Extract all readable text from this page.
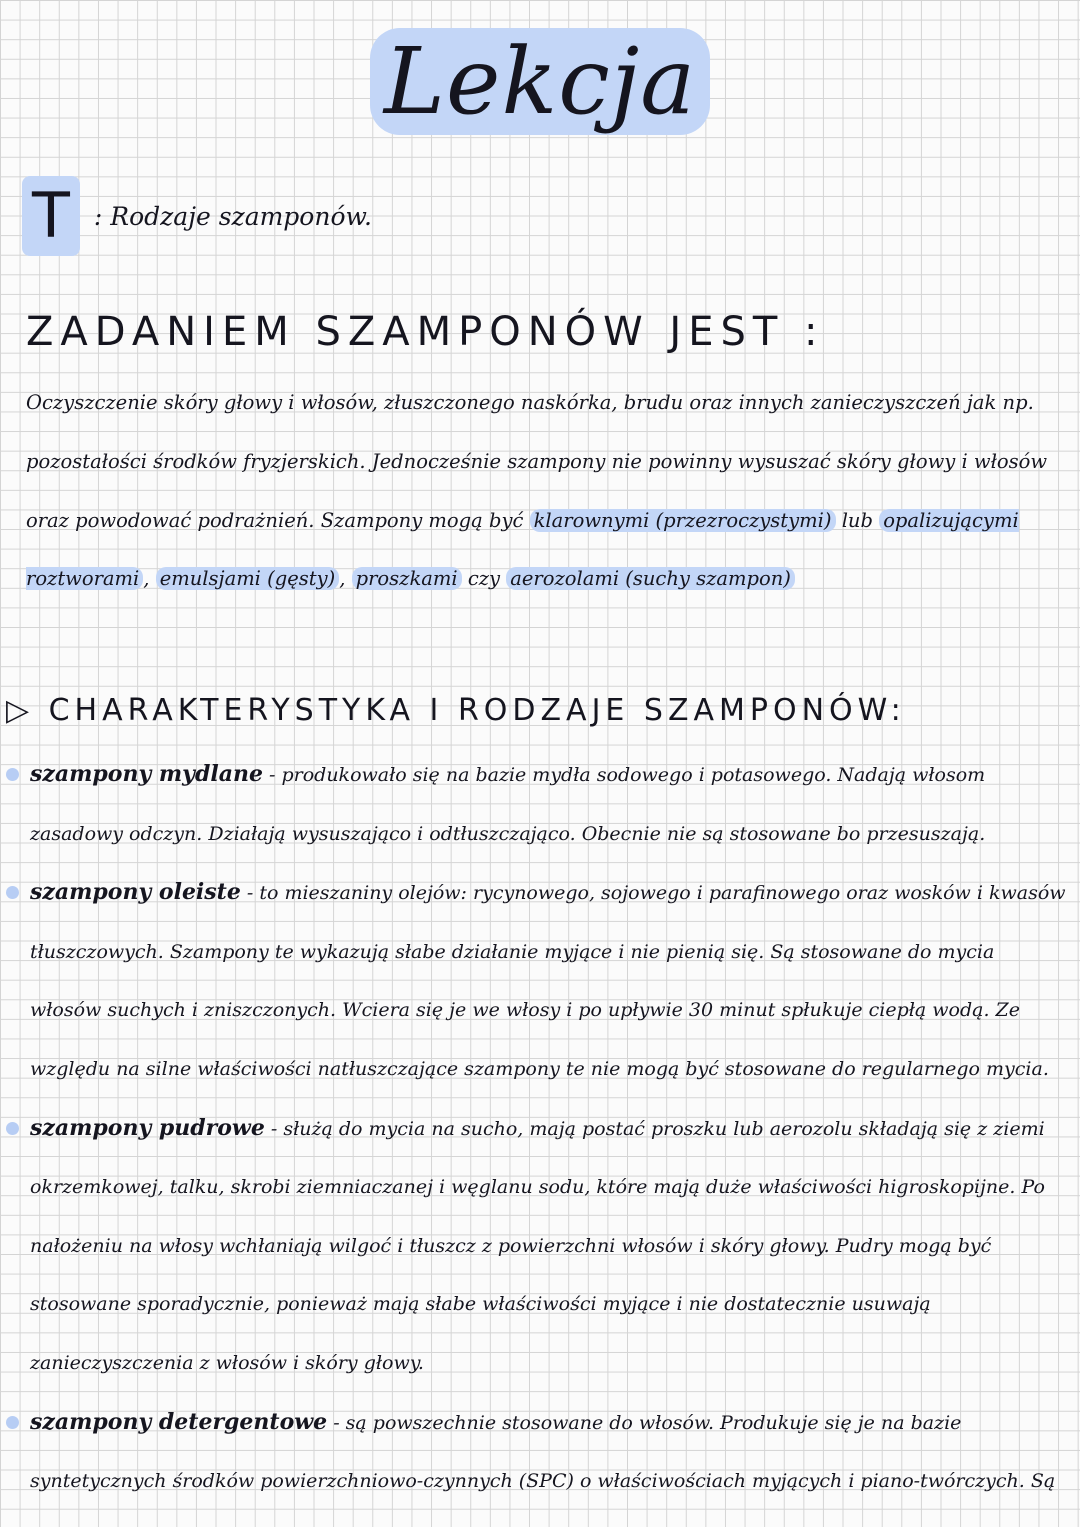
Lekcja
T : Rodzaje szamponów.
ZADANIEM SZAMPONÓW JEST :
Oczyszczenie skóry głowy i włosów, złuszczonego naskórka, brudu oraz innych zanieczyszczeń jak np. pozostałości środków fryzjerskich. Jednocześnie szampony nie powinny wysuszać skóry głowy i włosów oraz powodować podrażnień. Szampony mogą być klarownymi (przezroczystymi) lub opalizującymi roztworami , emulsjami (gęsty) , proszkami czy aerozolami (suchy szampon)
▷ CHARAKTERYSTYKA I RODZAJE SZAMPONÓW:
szampony mydlane - produkowało się na bazie mydła sodowego i potasowego. Nadają włosom zasadowy odczyn. Działają wysuszająco i odtłuszczająco. Obecnie nie są stosowane bo przesuszają.
szampony oleiste - to mieszaniny olejów: rycynowego, sojowego i parafinowego oraz wosków i kwasów tłuszczowych. Szampony te wykazują słabe działanie myjące i nie pienią się. Są stosowane do mycia włosów suchych i zniszczonych. Wciera się je we włosy i po upływie 30 minut spłukuje ciepłą wodą. Ze względu na silne właściwości natłuszczające szampony te nie mogą być stosowane do regularnego mycia.
szampony pudrowe - służą do mycia na sucho, mają postać proszku lub aerozolu składają się z ziemi okrzemkowej, talku, skrobi ziemniaczanej i węglanu sodu, które mają duże właściwości higroskopijne. Po nałożeniu na włosy wchłaniają wilgoć i tłuszcz z powierzchni włosów i skóry głowy. Pudry mogą być stosowane sporadycznie, ponieważ mają słabe właściwości myjące i nie dostatecznie usuwają zanieczyszczenia z włosów i skóry głowy.
szampony detergentowe - są powszechnie stosowane do włosów. Produkuje się je na bazie syntetycznych środków powierzchniowo-czynnych (SPC) o właściwościach myjących i piano-twórczych. Są
